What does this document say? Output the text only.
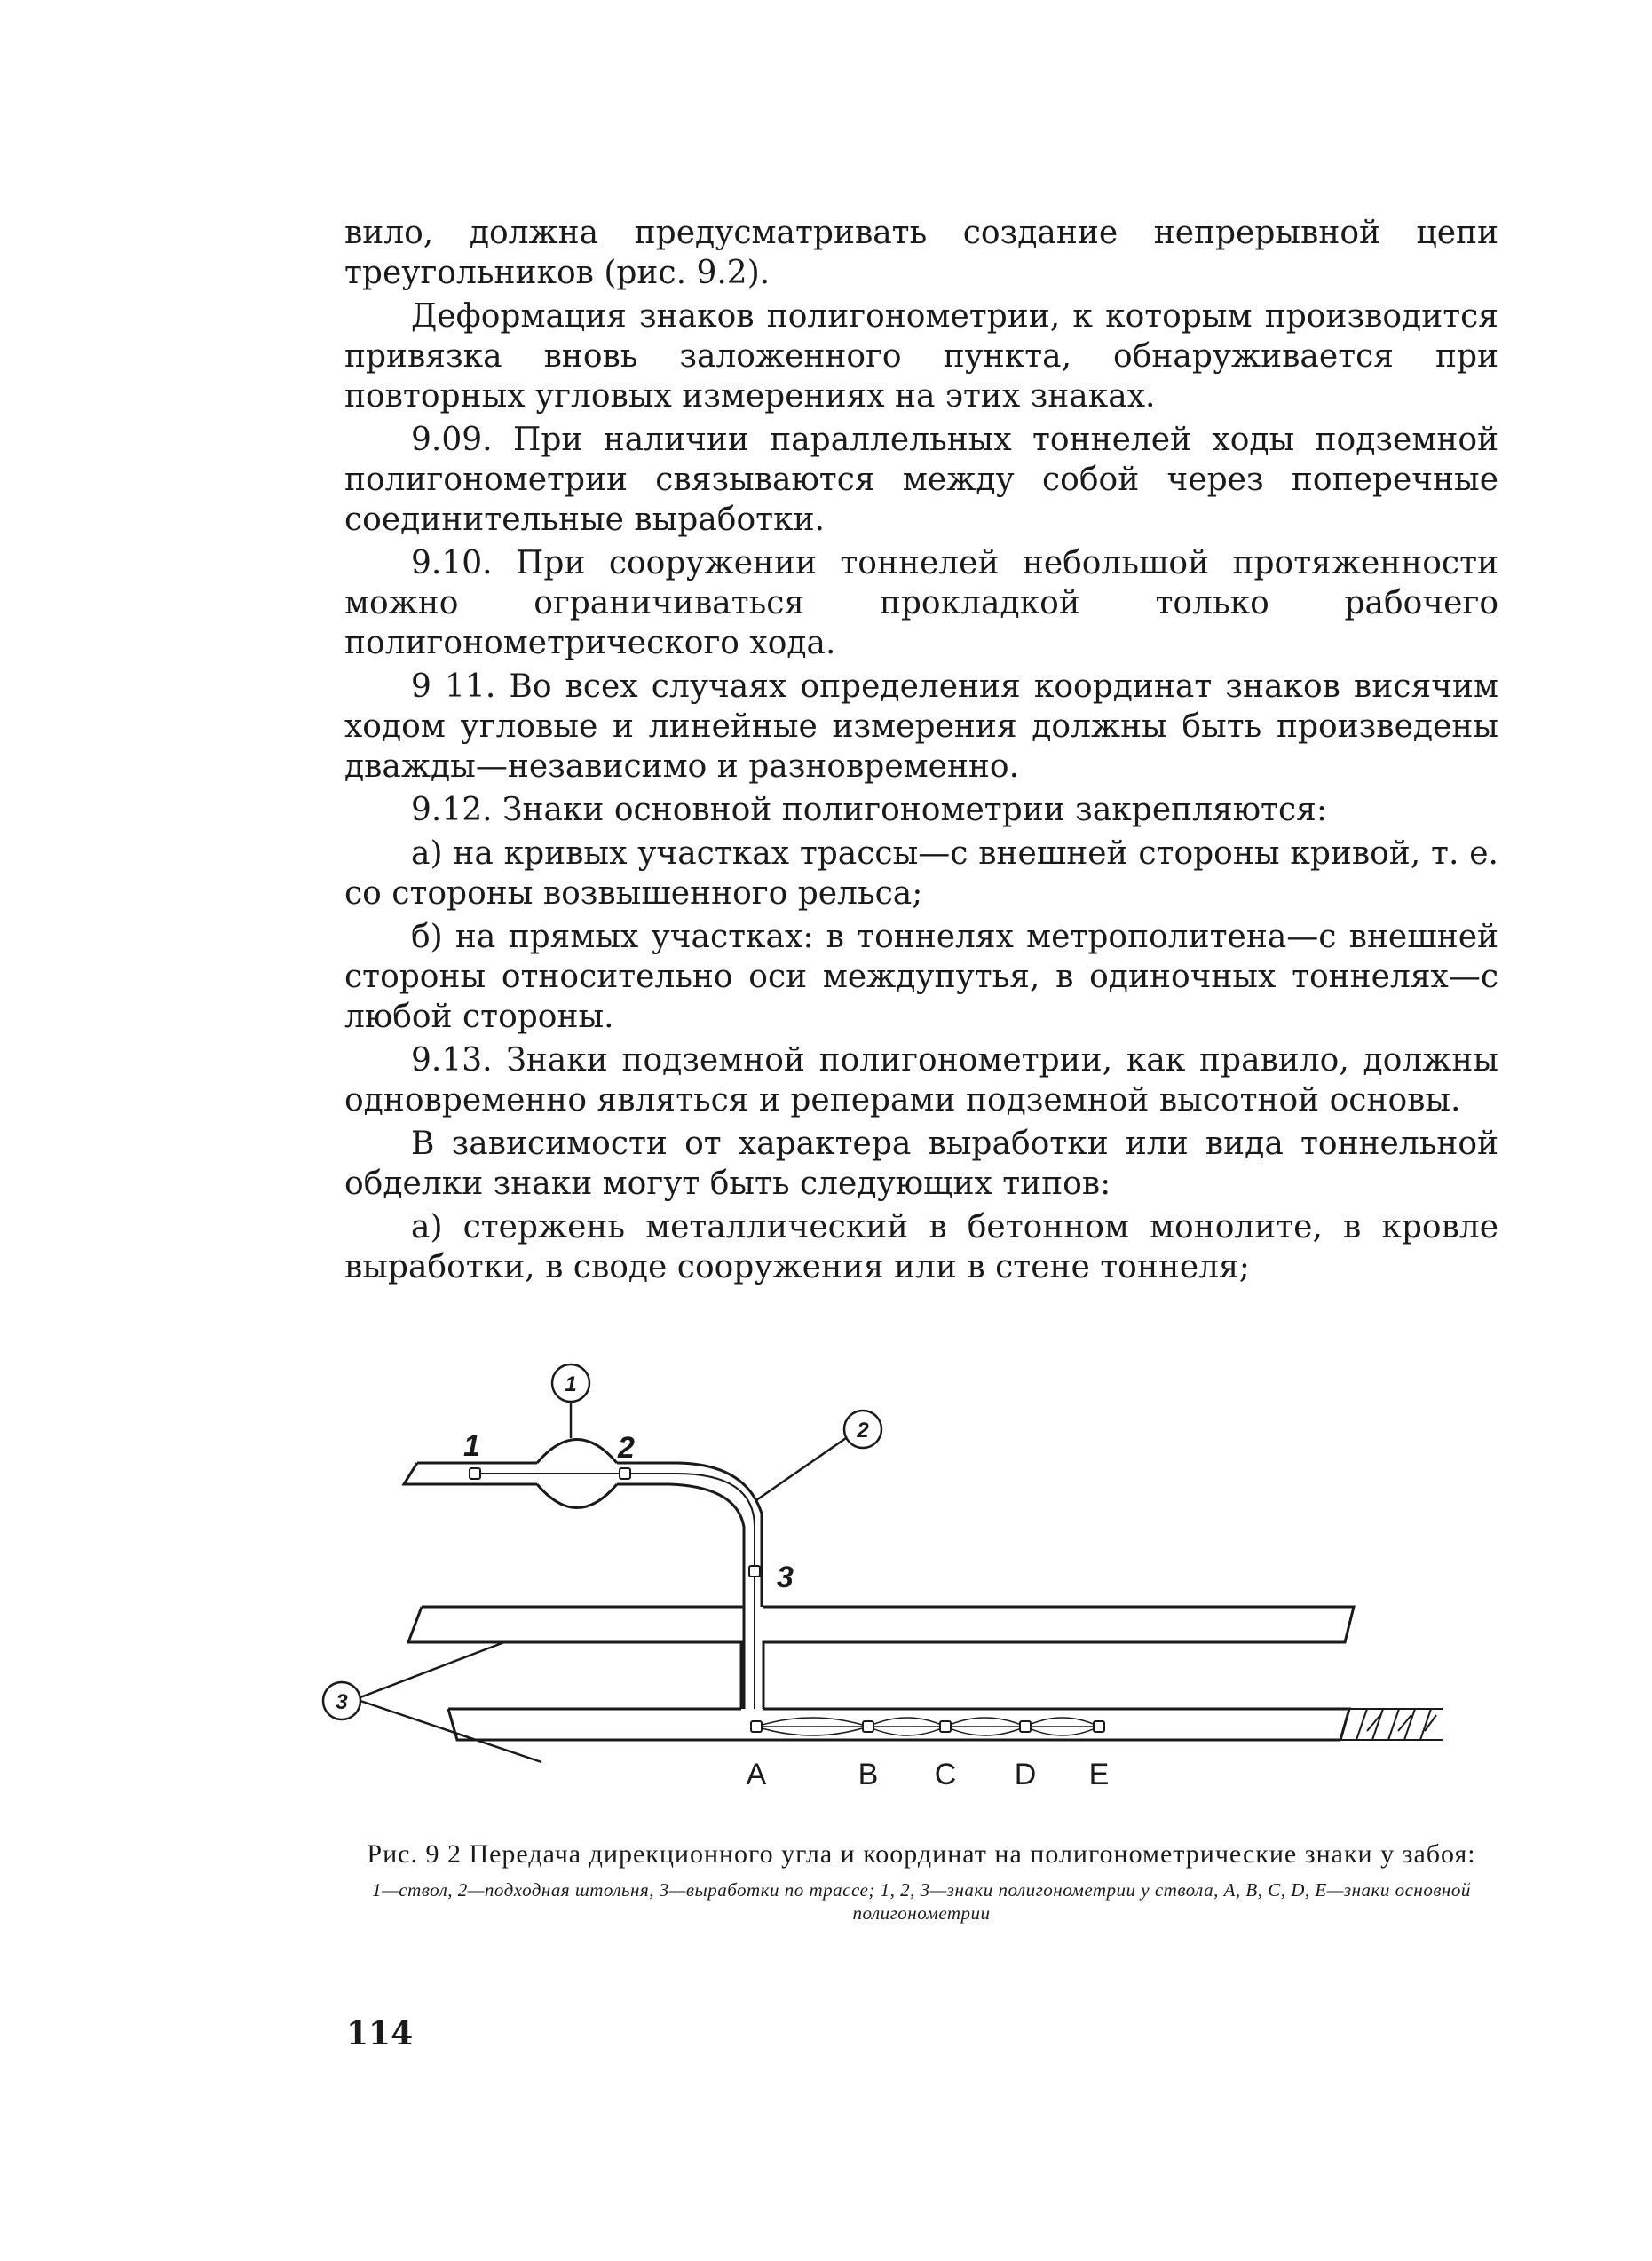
вило, должна предусматривать создание непрерывной цепи треугольников (рис. 9.2).

Деформация знаков полигонометрии, к которым производится привязка вновь заложенного пункта, обнаруживается при повторных угловых измерениях на этих знаках.

9.09. При наличии параллельных тоннелей ходы подземной полигонометрии связываются между собой через поперечные соединительные выработки.

9.10. При сооружении тоннелей небольшой протяженности можно ограничиваться прокладкой только рабочего полигонометрического хода.

9 11. Во всех случаях определения координат знаков висячим ходом угловые и линейные измерения должны быть произведены дважды—независимо и разновременно.

9.12. Знаки основной полигонометрии закрепляются:

а) на кривых участках трассы—с внешней стороны кривой, т. е. со стороны возвышенного рельса;

б) на прямых участках: в тоннелях метрополитена—с внешней стороны относительно оси междупутья, в одиночных тоннелях—с любой стороны.

9.13. Знаки подземной полигонометрии, как правило, должны одновременно являться и реперами подземной высотной основы.

В зависимости от характера выработки или вида тоннельной обделки знаки могут быть следующих типов:

а) стержень металлический в бетонном монолите, в кровле выработки, в своде сооружения или в стене тоннеля;

1
2
3
1	2
3
A	B C D E
Рис. 9 2 Передача дирекционного угла и координат на полигонометрические знаки у забоя:
1—ствол, 2—подходная штольня, 3—выработки по трассе; 1, 2, 3—знаки полигонометрии у ствола, A, B, C, D, E—знаки основной полигонометрии
114
